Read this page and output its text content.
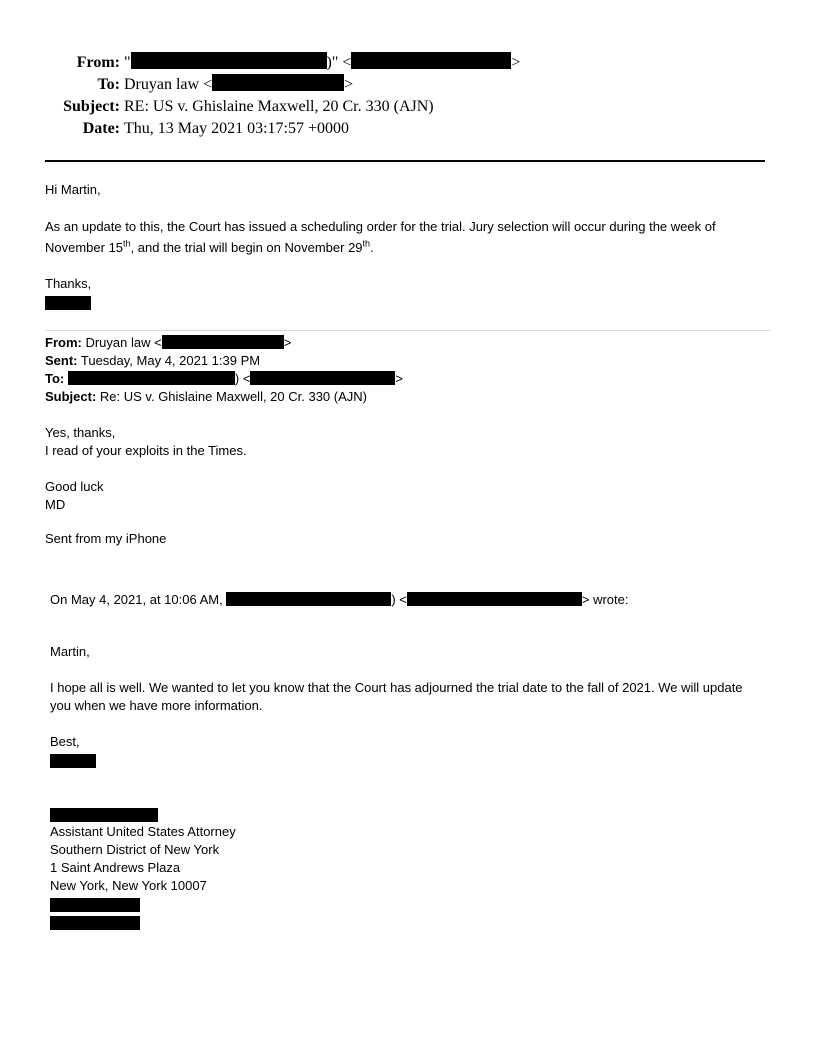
From: "	)" <	>
To: Druyan law <	>
Subject: RE: US v. Ghislaine Maxwell, 20 Cr. 330 (AJN)
Date: Thu, 13 May 2021 03:17:57 +0000
Hi Martin,
As an update to this, the Court has issued a scheduling order for the trial. Jury selection will occur during the week of November 15th, and the trial will begin on November 29th.
Thanks,
From: Druyan law <	>
Sent: Tuesday, May 4, 2021 1:39 PM
To:	) <	>
Subject: Re: US v. Ghislaine Maxwell, 20 Cr. 330 (AJN)
Yes, thanks,
I read of your exploits in the Times.
Good luck
MD
Sent from my iPhone
On May 4, 2021, at 10:06 AM,	) <	> wrote:
Martin,
I hope all is well. We wanted to let you know that the Court has adjourned the trial date to the fall of 2021. We will update you when we have more information.
Best,
Assistant United States Attorney
Southern District of New York
1 Saint Andrews Plaza
New York, New York 10007
